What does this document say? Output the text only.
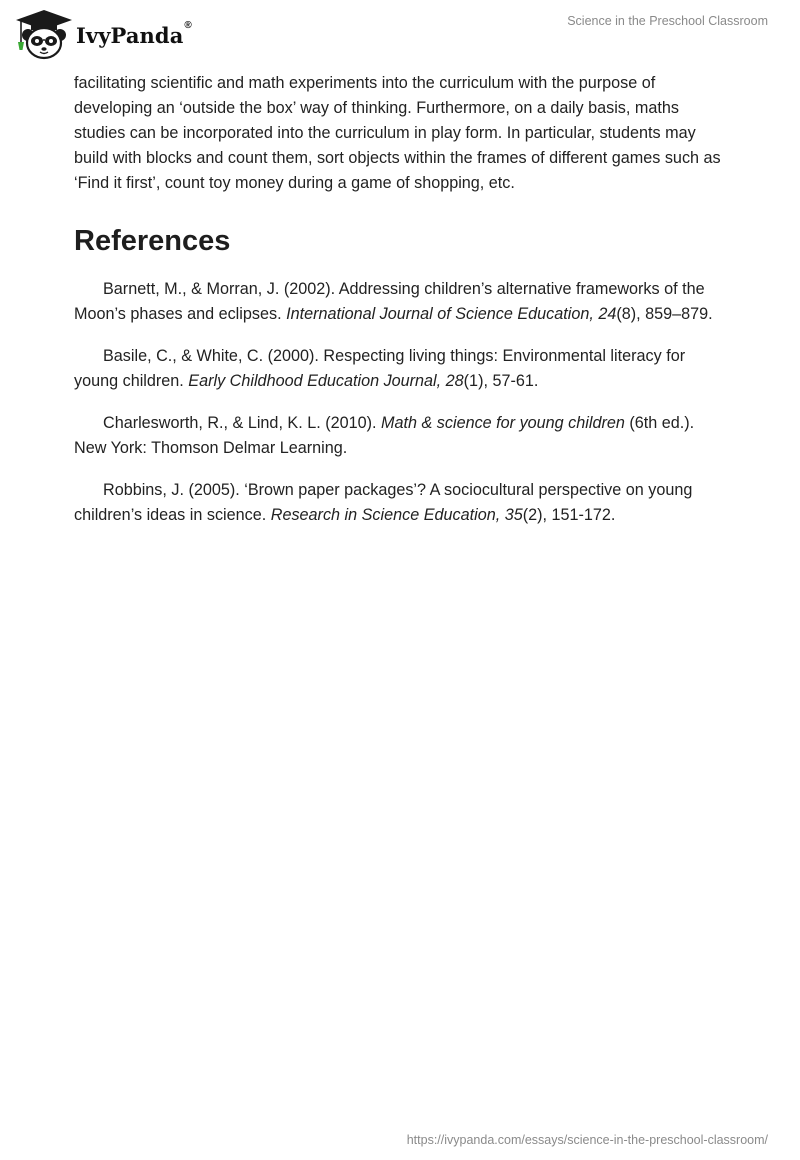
IvyPanda®	Science in the Preschool Classroom

facilitating scientific and math experiments into the curriculum with the purpose of developing an ‘outside the box’ way of thinking. Furthermore, on a daily basis, maths studies can be incorporated into the curriculum in play form. In particular, students may build with blocks and count them, sort objects within the frames of different games such as ‘Find it first’, count toy money during a game of shopping, etc.

References

Barnett, M., & Morran, J. (2002). Addressing children’s alternative frameworks of the Moon’s phases and eclipses. International Journal of Science Education, 24(8), 859–879.

Basile, C., & White, C. (2000). Respecting living things: Environmental literacy for young children. Early Childhood Education Journal, 28(1), 57-61.

Charlesworth, R., & Lind, K. L. (2010). Math & science for young children (6th ed.). New York: Thomson Delmar Learning.

Robbins, J. (2005). ‘Brown paper packages’? A sociocultural perspective on young children’s ideas in science. Research in Science Education, 35(2), 151-172.

https://ivypanda.com/essays/science-in-the-preschool-classroom/
